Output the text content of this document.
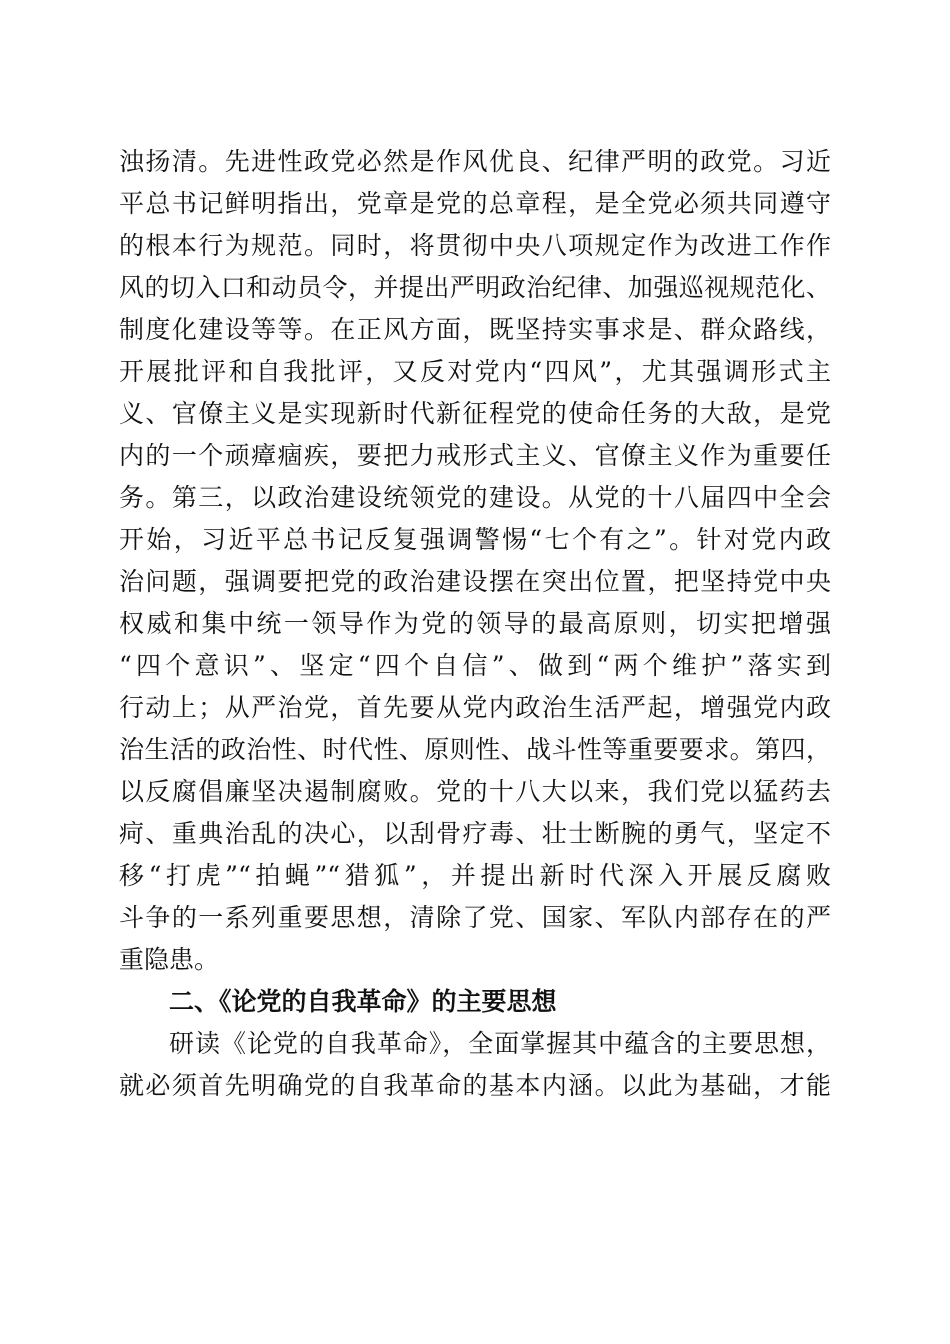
浊扬清。先进性政党必然是作风优良、纪律严明的政党。习近
平总书记鲜明指出，党章是党的总章程，是全党必须共同遵守
的根本行为规范。同时，将贯彻中央八项规定作为改进工作作
风的切入口和动员令，并提出严明政治纪律、加强巡视规范化、
制度化建设等等。在正风方面，既坚持实事求是、群众路线，
开展批评和自我批评，又反对党内“四风”，尤其强调形式主
义、官僚主义是实现新时代新征程党的使命任务的大敌，是党
内的一个顽瘴痼疾，要把力戒形式主义、官僚主义作为重要任
务。第三，以政治建设统领党的建设。从党的十八届四中全会
开始，习近平总书记反复强调警惕“七个有之”。针对党内政
治问题，强调要把党的政治建设摆在突出位置，把坚持党中央
权威和集中统一领导作为党的领导的最高原则，切实把增强
“四个意识”、坚定“四个自信”、做到“两个维护”落实到
行动上；从严治党，首先要从党内政治生活严起，增强党内政
治生活的政治性、时代性、原则性、战斗性等重要要求。第四，
以反腐倡廉坚决遏制腐败。党的十八大以来，我们党以猛药去
疴、重典治乱的决心，以刮骨疗毒、壮士断腕的勇气，坚定不
移“打虎”“拍蝇”“猎狐”，并提出新时代深入开展反腐败
斗争的一系列重要思想，清除了党、国家、军队内部存在的严
重隐患。
二、《论党的自我革命》的主要思想
研读《论党的自我革命》，全面掌握其中蕴含的主要思想，
就必须首先明确党的自我革命的基本内涵。以此为基础，才能
